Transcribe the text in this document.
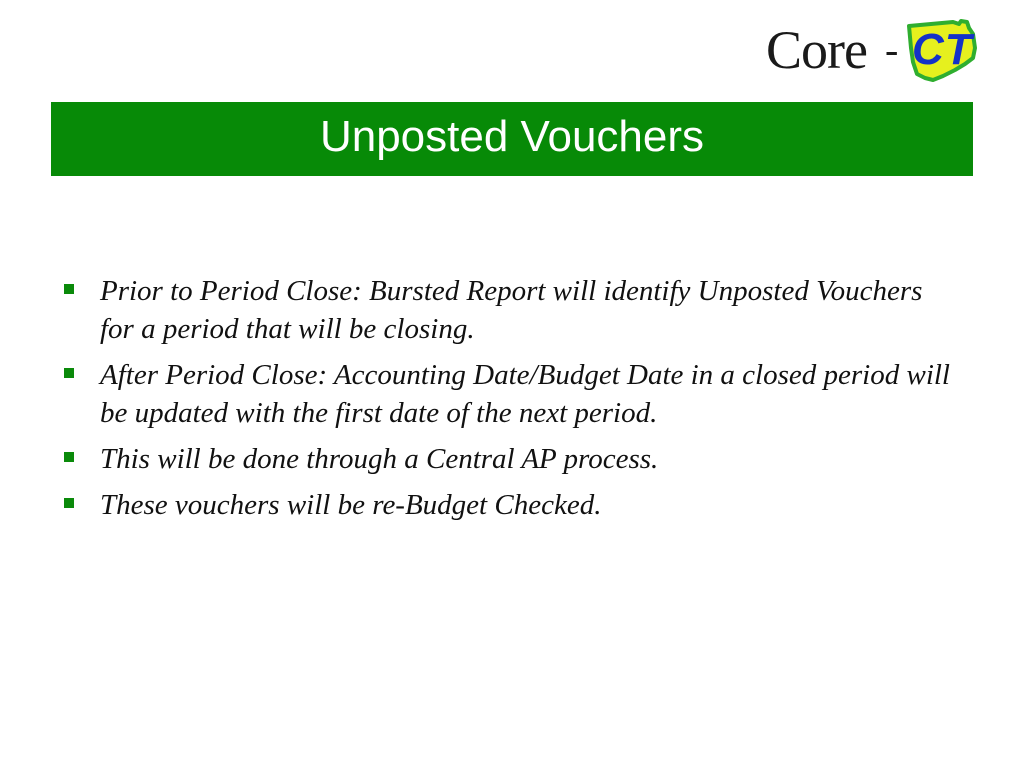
Core - CT
Unposted Vouchers
Prior to Period Close: Bursted Report will identify Unposted Vouchers for a period that will be closing.
After Period Close: Accounting Date/Budget Date in a closed period will be updated with the first date of the next period.
This will be done through a Central AP process.
These vouchers will be re-Budget Checked.
